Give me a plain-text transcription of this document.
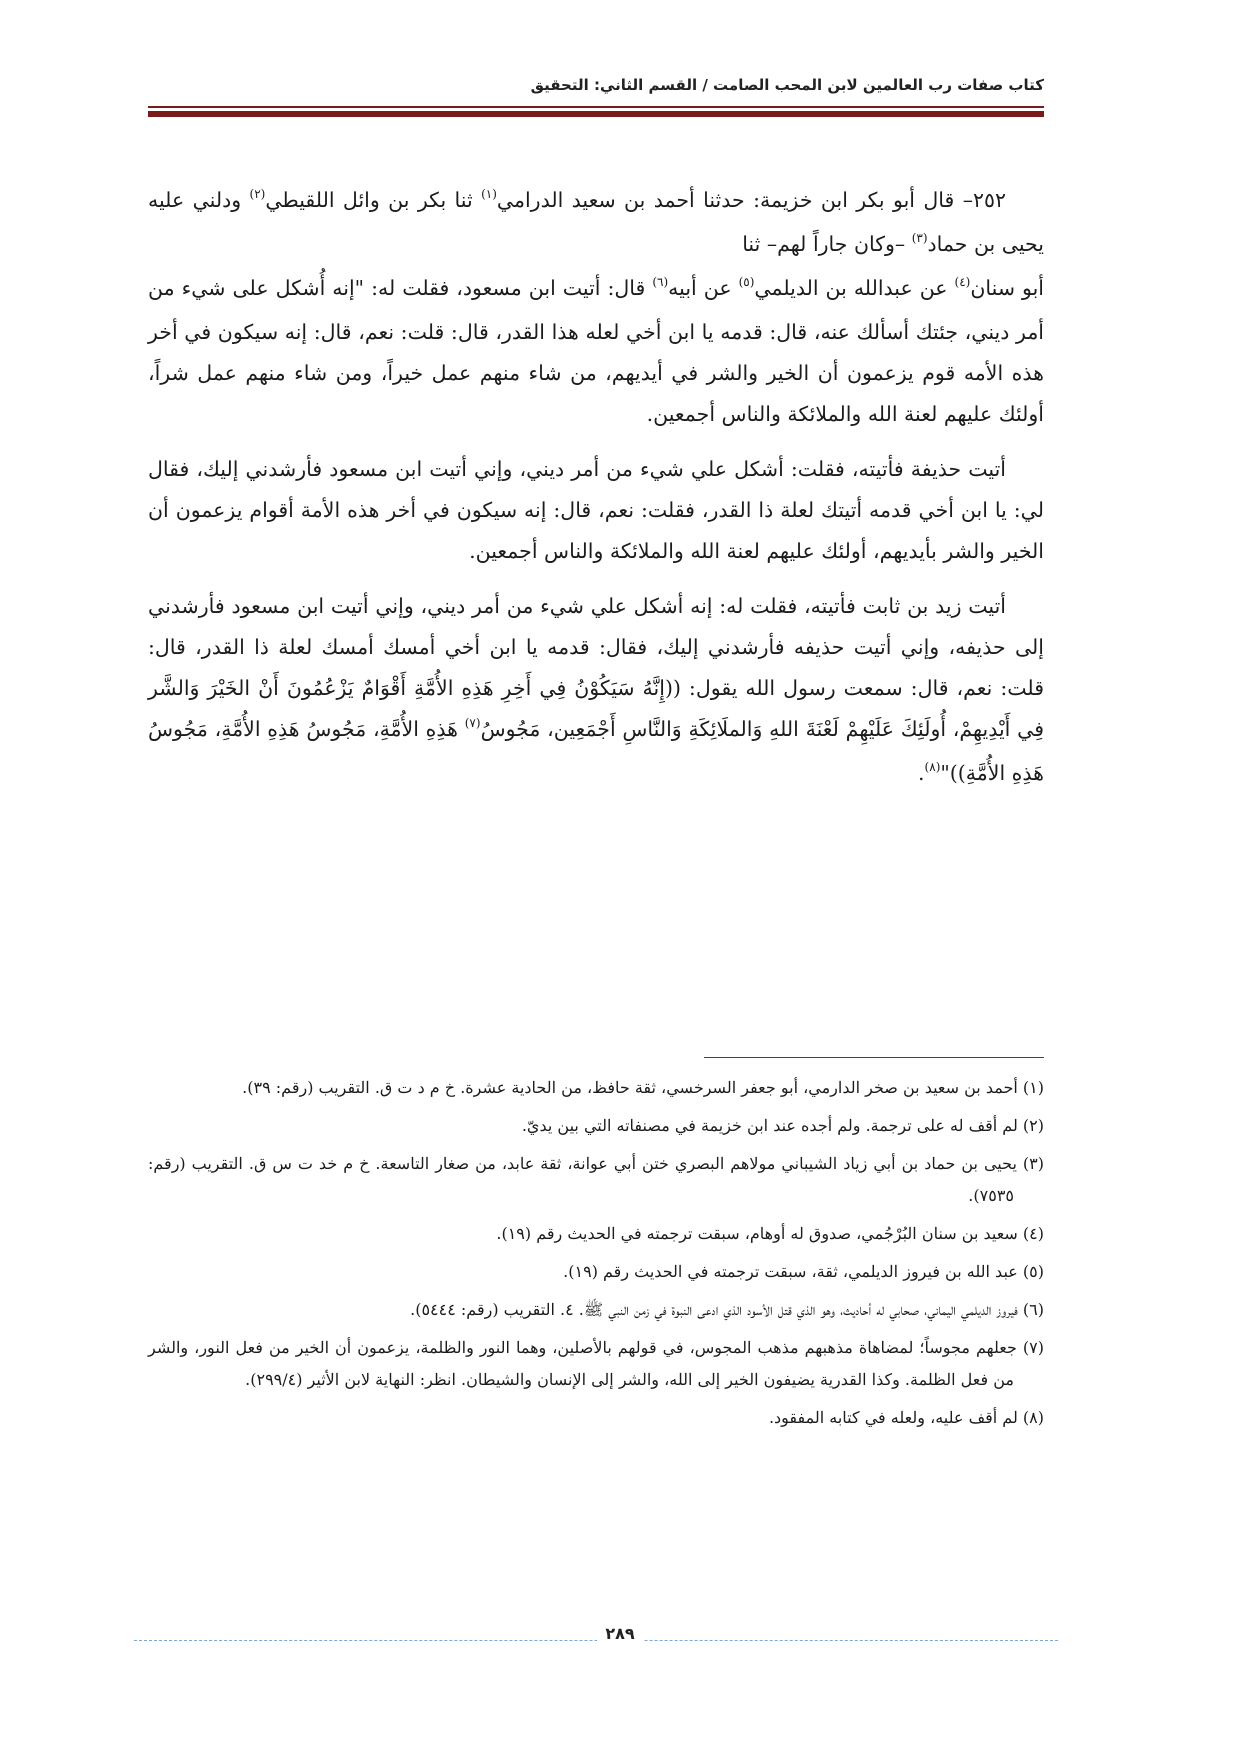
كتاب صفات رب العالمين لابن المحب الصامت / القسم الثاني: التحقيق

٢٥٢– قال أبو بكر ابن خزيمة: حدثنا أحمد بن سعيد الدرامي$^{(١)}$ ثنا بكر بن وائل اللقيطي$^{(٢)}$ ودلني عليه يحيى بن حماد$^{(٣)}$ –وكان جاراً لهم– ثنا

أبو سنان$^{(٤)}$ عن عبدالله بن الديلمي$^{(٥)}$ عن أبيه$^{(٦)}$ قال: أتيت ابن مسعود، فقلت له: "إنه أُشكل على شيء من أمر ديني، جئتك أسألك عنه، قال: قدمه يا ابن أخي لعله هذا القدر، قال: قلت: نعم، قال: إنه سيكون في أخر هذه الأمه قوم يزعمون أن الخير والشر في أيديهم، من شاء منهم عمل خيراً، ومن شاء منهم عمل شراً، أولئك عليهم لعنة الله والملائكة والناس أجمعين.

أتيت حذيفة فأتيته، فقلت: أشكل علي شيء من أمر ديني، وإني أتيت ابن مسعود فأرشدني إليك، فقال لي: يا ابن أخي قدمه أتيتك لعلة ذا القدر، فقلت: نعم، قال: إنه سيكون في أخر هذه الأمة أقوام يزعمون أن الخير والشر بأيديهم، أولئك عليهم لعنة الله والملائكة والناس أجمعين.

أتيت زيد بن ثابت فأتيته، فقلت له: إنه أشكل علي شيء من أمر ديني، وإني أتيت ابن مسعود فأرشدني إلى حذيفه، وإني أتيت حذيفه فأرشدني إليك، فقال: قدمه يا ابن أخي أمسك أمسك لعلة ذا القدر، قال: قلت: نعم، قال: سمعت رسول الله يقول: ((إِنَّهُ سَيَكُوْنُ فِي أَخِرِ هَذِهِ الأُمَّةِ أَقْوَامٌ يَزْعُمُونَ أَنْ الخَيْرَ وَالشَّر فِي أَيْدِيهِمْ، أُولَئِكَ عَلَيْهِمْ لَعْنَةَ اللهِ وَالملَائِكَةِ وَالنَّاسِ أَجْمَعِين، مَجُوسُ$^{(٧)}$ هَذِهِ الأُمَّةِ، مَجُوسُ هَذِهِ الأُمَّةِ، مَجُوسُ هَذِهِ الأُمَّةِ))"$^{(٨)}$.

(١) أحمد بن سعيد بن صخر الدارمي، أبو جعفر السرخسي، ثقة حافظ، من الحادية عشرة. خ م د ت ق. التقريب (رقم: ٣٩).

(٢) لم أقف له على ترجمة. ولم أجده عند ابن خزيمة في مصنفاته التي بين يديّ.

(٣) يحيى بن حماد بن أبي زياد الشيباني مولاهم البصري ختن أبي عوانة، ثقة عابد، من صغار التاسعة. خ م خد ت س ق. التقريب (رقم: ٧٥٣٥).

(٤) سعيد بن سنان البُرْجُمي، صدوق له أوهام، سبقت ترجمته في الحديث رقم (١٩).

(٥) عبد الله بن فيروز الديلمي، ثقة، سبقت ترجمته في الحديث رقم (١٩).

(٦) فيروز الديلمي اليماني، صحابي له أحاديث، وهو الذي قتل الأسود الذي ادعى النبوة في زمن النبي ﷺ. ٤. التقريب (رقم: ٥٤٤٤).

(٧) جعلهم مجوساً؛ لمضاهاة مذهبهم مذهب المجوس، في قولهم بالأصلين، وهما النور والظلمة، يزعمون أن الخير من فعل النور، والشر من فعل الظلمة. وكذا القدرية يضيفون الخير إلى الله، والشر إلى الإنسان والشيطان. انظر: النهاية لابن الأثير (٢٩٩/٤).

(٨) لم أقف عليه، ولعله في كتابه المفقود.

٢٨٩
